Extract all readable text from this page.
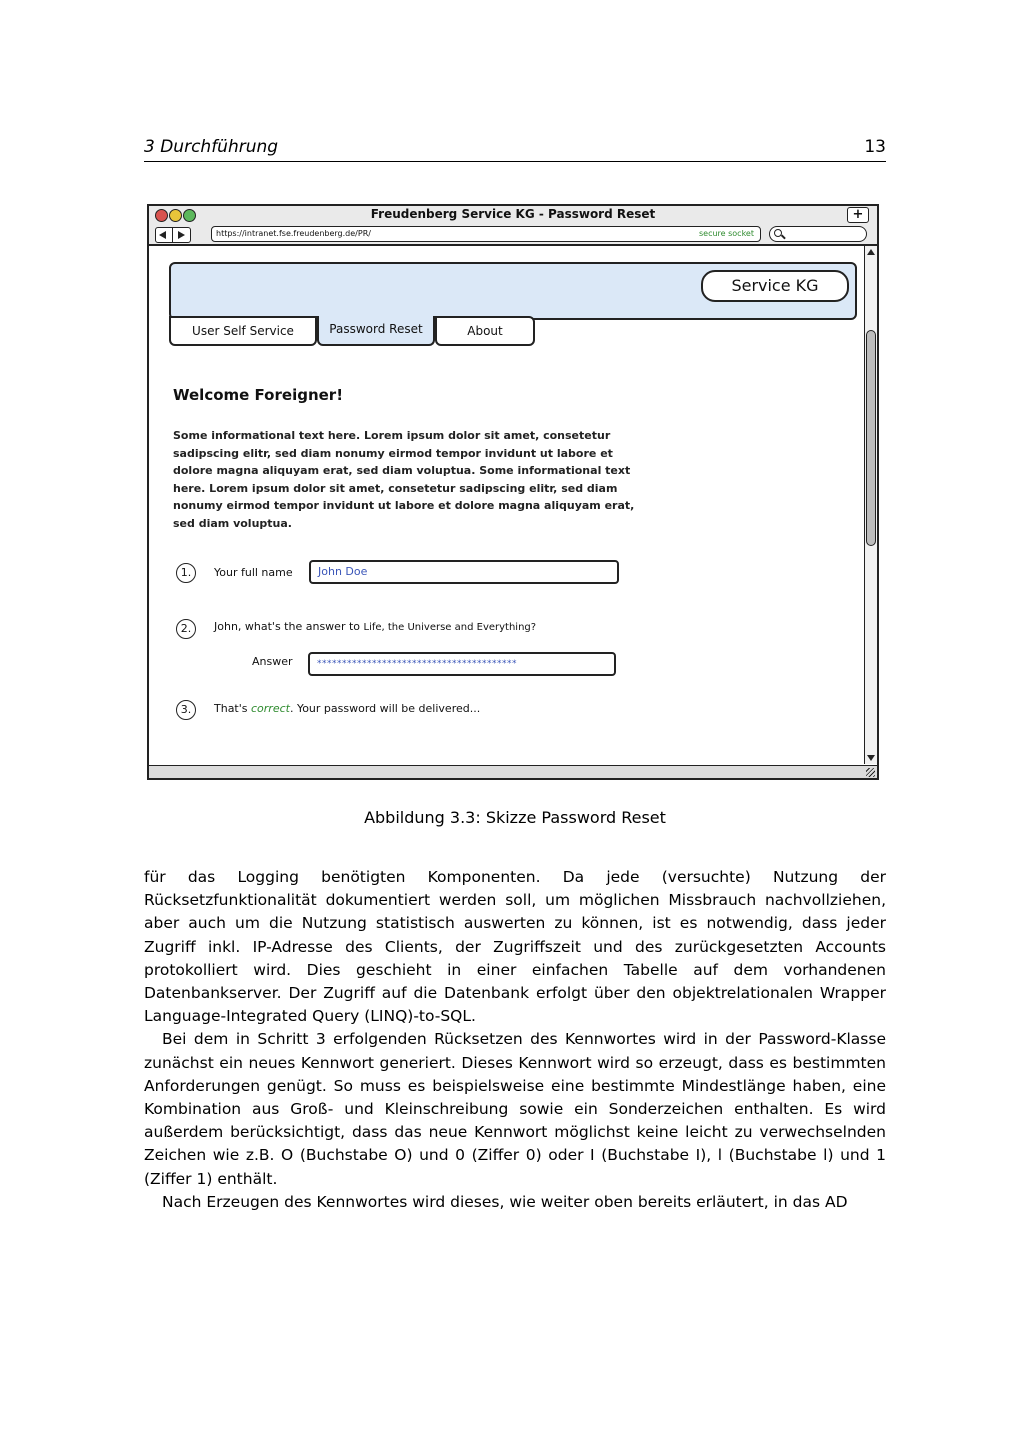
3 Durchführung	13
Freudenberg Service KG - Password Reset	+
https://intranet.fse.freudenberg.de/PR/	secure socket
Service KG
User Self Service	Password Reset	About
Welcome Foreigner!
Some informational text here. Lorem ipsum dolor sit amet, consetetur sadipscing elitr, sed diam nonumy eirmod tempor invidunt ut labore et dolore magna aliquyam erat, sed diam voluptua. Some informational text here. Lorem ipsum dolor sit amet, consetetur sadipscing elitr, sed diam nonumy eirmod tempor invidunt ut labore et dolore magna aliquyam erat, sed diam voluptua.
1.	Your full name	John Doe
2.	John, what's the answer to Life, the Universe and Everything?
Answer	****************************************
3.	That's correct. Your password will be delivered...
Abbildung 3.3: Skizze Password Reset

für das Logging benötigten Komponenten. Da jede (versuchte) Nutzung der Rücksetzfunktionalität dokumentiert werden soll, um möglichen Missbrauch nachvollziehen, aber auch um die Nutzung statistisch auswerten zu können, ist es notwendig, dass jeder Zugriff inkl. IP-Adresse des Clients, der Zugriffszeit und des zurückgesetzten Accounts protokolliert wird. Dies geschieht in einer einfachen Tabelle auf dem vorhandenen Datenbankserver. Der Zugriff auf die Datenbank erfolgt über den objektrelationalen Wrapper Language-Integrated Query (LINQ)-to-SQL.

Bei dem in Schritt 3 erfolgenden Rücksetzen des Kennwortes wird in der Password-Klasse zunächst ein neues Kennwort generiert. Dieses Kennwort wird so erzeugt, dass es bestimmten Anforderungen genügt. So muss es beispielsweise eine bestimmte Mindestlänge haben, eine Kombination aus Groß- und Kleinschreibung sowie ein Sonderzeichen enthalten. Es wird außerdem berücksichtigt, dass das neue Kennwort möglichst keine leicht zu verwechselnden Zeichen wie z.B. O (Buchstabe O) und 0 (Ziffer 0) oder I (Buchstabe I), l (Buchstabe l) und 1 (Ziffer 1) enthält.

Nach Erzeugen des Kennwortes wird dieses, wie weiter oben bereits erläutert, in das AD
